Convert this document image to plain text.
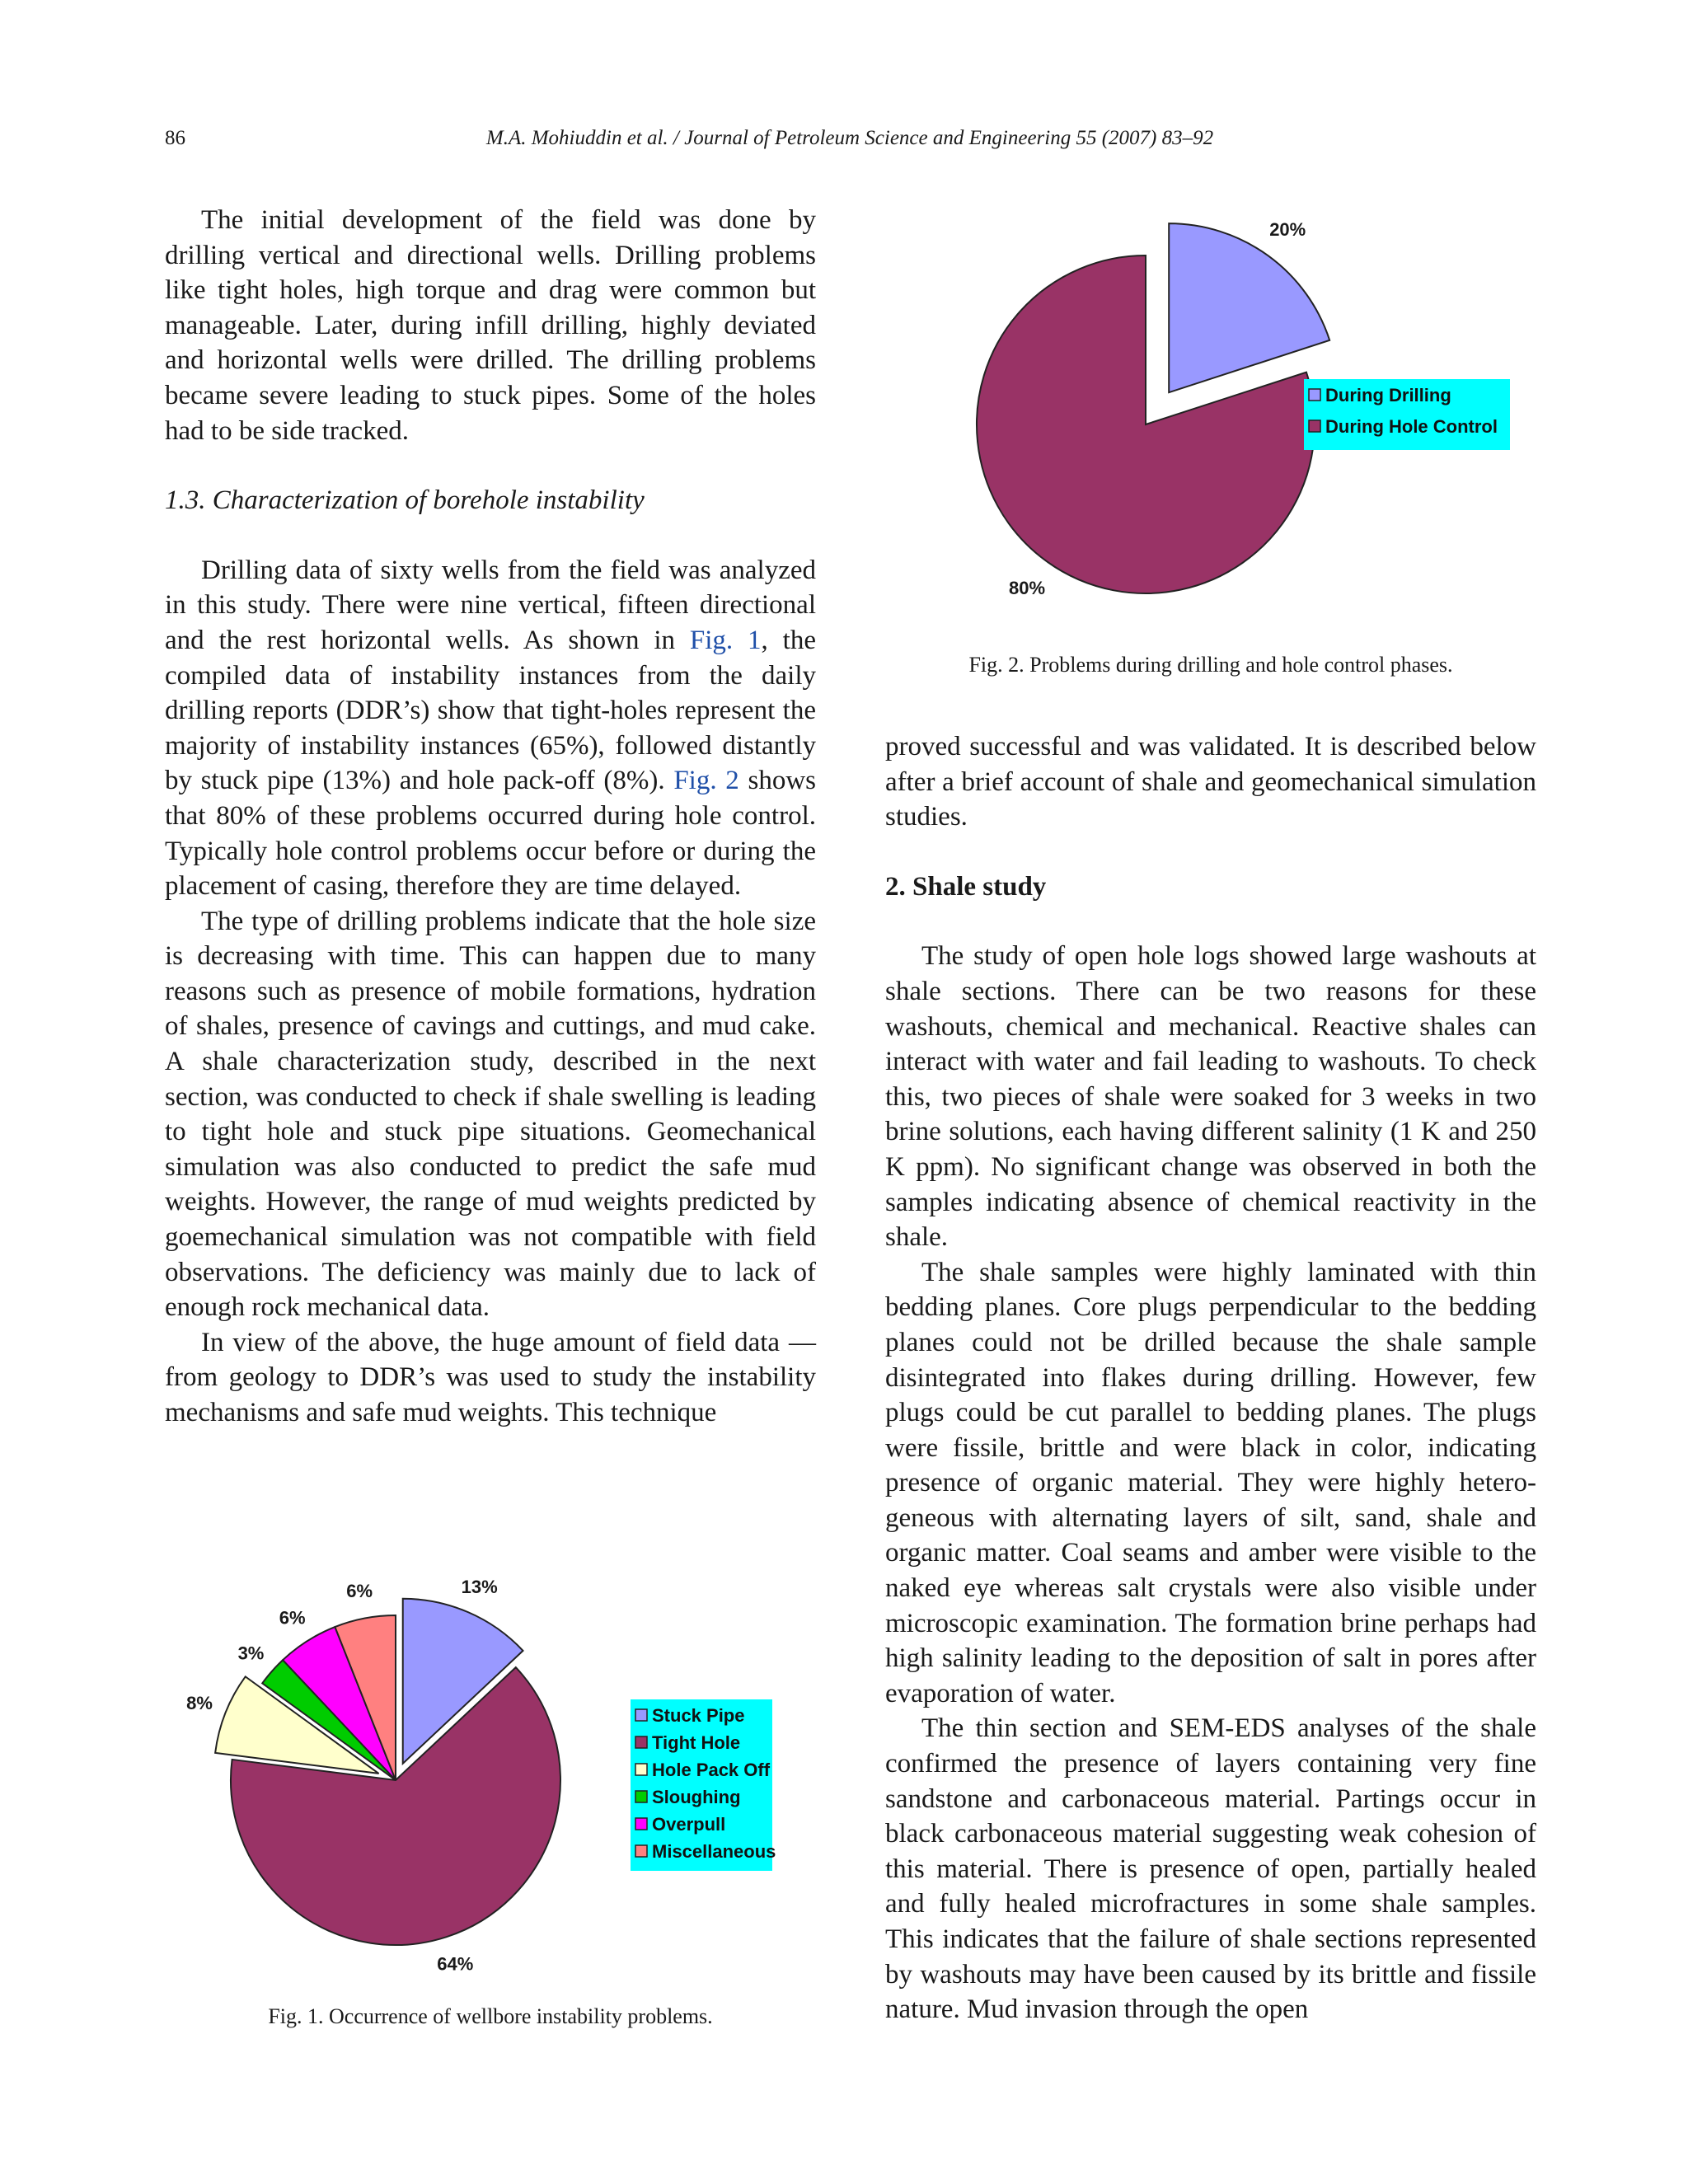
86	M.A. Mohiuddin et al. / Journal of Petroleum Science and Engineering 55 (2007) 83–92

The initial development of the field was done by drilling vertical and directional wells. Drilling problems like tight holes, high torque and drag were common but manageable. Later, during infill drilling, highly deviated and horizontal wells were drilled. The drilling problems became severe leading to stuck pipes. Some of the holes had to be side tracked.

1.3. Characterization of borehole instability

Drilling data of sixty wells from the field was analyzed in this study. There were nine vertical, fifteen directional and the rest horizontal wells. As shown in Fig. 1, the compiled data of instability instances from the daily drilling reports (DDR’s) show that tight-holes represent the majority of instability instances (65%), followed distantly by stuck pipe (13%) and hole pack-off (8%). Fig. 2 shows that 80% of these problems occurred during hole control. Typically hole control problems occur before or during the placement of casing, therefore they are time delayed.

The type of drilling problems indicate that the hole size is decreasing with time. This can happen due to many reasons such as presence of mobile formations, hydration of shales, presence of cavings and cuttings, and mud cake. A shale characterization study, described in the next section, was conducted to check if shale swelling is leading to tight hole and stuck pipe situations. Geomechanical simulation was also conducted to predict the safe mud weights. However, the range of mud weights predicted by goemechanical simulation was not compatible with field observations. The deficiency was mainly due to lack of enough rock mechanical data.

In view of the above, the huge amount of field data — from geology to DDR’s was used to study the instability mechanisms and safe mud weights. This technique

proved successful and was validated. It is described below after a brief account of shale and geomechanical simulation studies.

2. Shale study

The study of open hole logs showed large washouts at shale sections. There can be two reasons for these washouts, chemical and mechanical. Reactive shales can interact with water and fail leading to washouts. To check this, two pieces of shale were soaked for 3 weeks in two brine solutions, each having different salinity (1 K and 250 K ppm). No significant change was observed in both the samples indicating absence of chemical reactivity in the shale.

The shale samples were highly laminated with thin bedding planes. Core plugs perpendicular to the bedding planes could not be drilled because the shale sample disintegrated into flakes during drilling. However, few plugs could be cut parallel to bedding planes. The plugs were fissile, brittle and were black in color, indicating presence of organic material. They were highly heterogeneous with alternating layers of silt, sand, shale and organic matter. Coal seams and amber were visible to the naked eye whereas salt crystals were also visible under microscopic examination. The formation brine perhaps had high salinity leading to the deposition of salt in pores after evaporation of water.

The thin section and SEM-EDS analyses of the shale confirmed the presence of layers containing very fine sandstone and carbonaceous material. Partings occur in black carbonaceous material suggesting weak cohesion of this material. There is presence of open, partially healed and fully healed microfractures in some shale samples. This indicates that the failure of shale sections represented by washouts may have been caused by its brittle and fissile nature. Mud invasion through the open

13%
64%
8%
3%
6%
6%
Stuck Pipe
Tight Hole
Hole Pack Off
Sloughing
Overpull
Miscellaneous
Fig. 1. Occurrence of wellbore instability problems.
20%
80%
During Drilling
During Hole Control
Fig. 2. Problems during drilling and hole control phases.
